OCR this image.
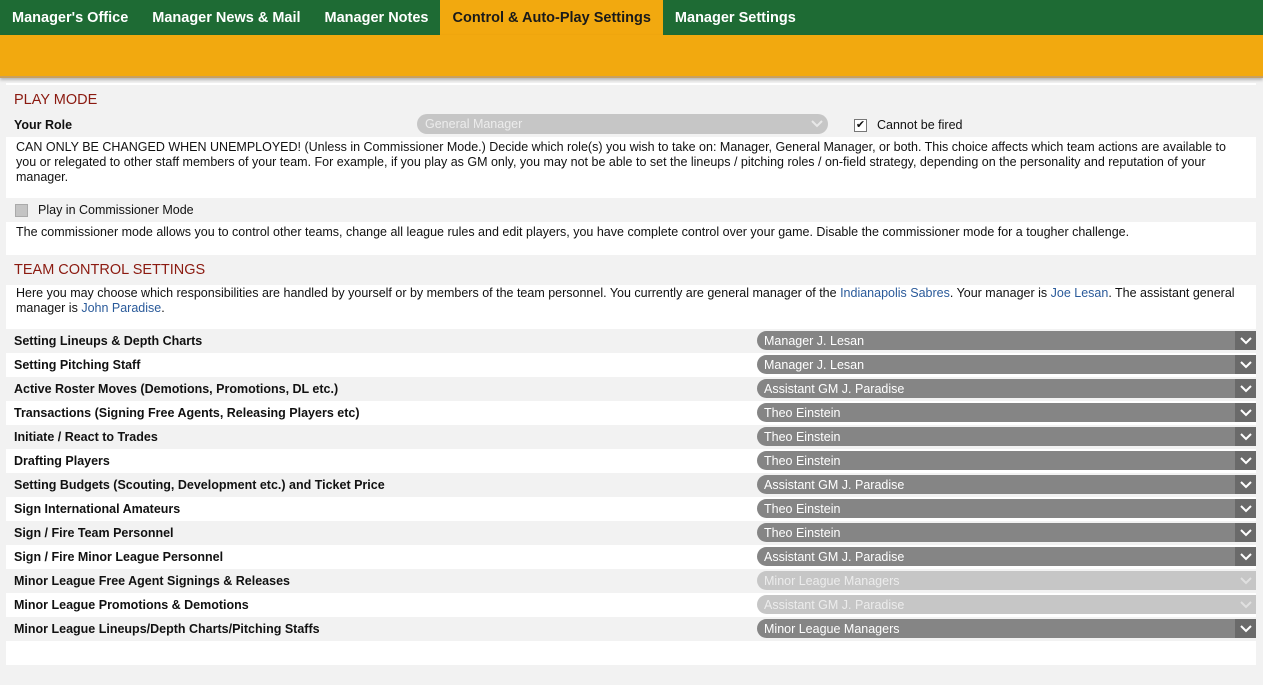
Manager's Office	Manager News & Mail	Manager Notes	Control & Auto-Play Settings	Manager Settings
PLAY MODE
Your Role	General Manager	✔ Cannot be fired
CAN ONLY BE CHANGED WHEN UNEMPLOYED! (Unless in Commissioner Mode.) Decide which role(s) you wish to take on: Manager, General Manager, or both. This choice affects which team actions are available to you or relegated to other staff members of your team. For example, if you play as GM only, you may not be able to set the lineups / pitching roles / on-field strategy, depending on the personality and reputation of your manager.
Play in Commissioner Mode
The commissioner mode allows you to control other teams, change all league rules and edit players, you have complete control over your game. Disable the commissioner mode for a tougher challenge.
TEAM CONTROL SETTINGS
Here you may choose which responsibilities are handled by yourself or by members of the team personnel. You currently are general manager of the Indianapolis Sabres. Your manager is Joe Lesan. The assistant general manager is John Paradise.
Setting Lineups & Depth Charts	Manager J. Lesan
Setting Pitching Staff	Manager J. Lesan
Active Roster Moves (Demotions, Promotions, DL etc.)	Assistant GM J. Paradise
Transactions (Signing Free Agents, Releasing Players etc)	Theo Einstein
Initiate / React to Trades	Theo Einstein
Drafting Players	Theo Einstein
Setting Budgets (Scouting, Development etc.) and Ticket Price	Assistant GM J. Paradise
Sign International Amateurs	Theo Einstein
Sign / Fire Team Personnel	Theo Einstein
Sign / Fire Minor League Personnel	Assistant GM J. Paradise
Minor League Free Agent Signings & Releases	Minor League Managers
Minor League Promotions & Demotions	Assistant GM J. Paradise
Minor League Lineups/Depth Charts/Pitching Staffs	Minor League Managers
